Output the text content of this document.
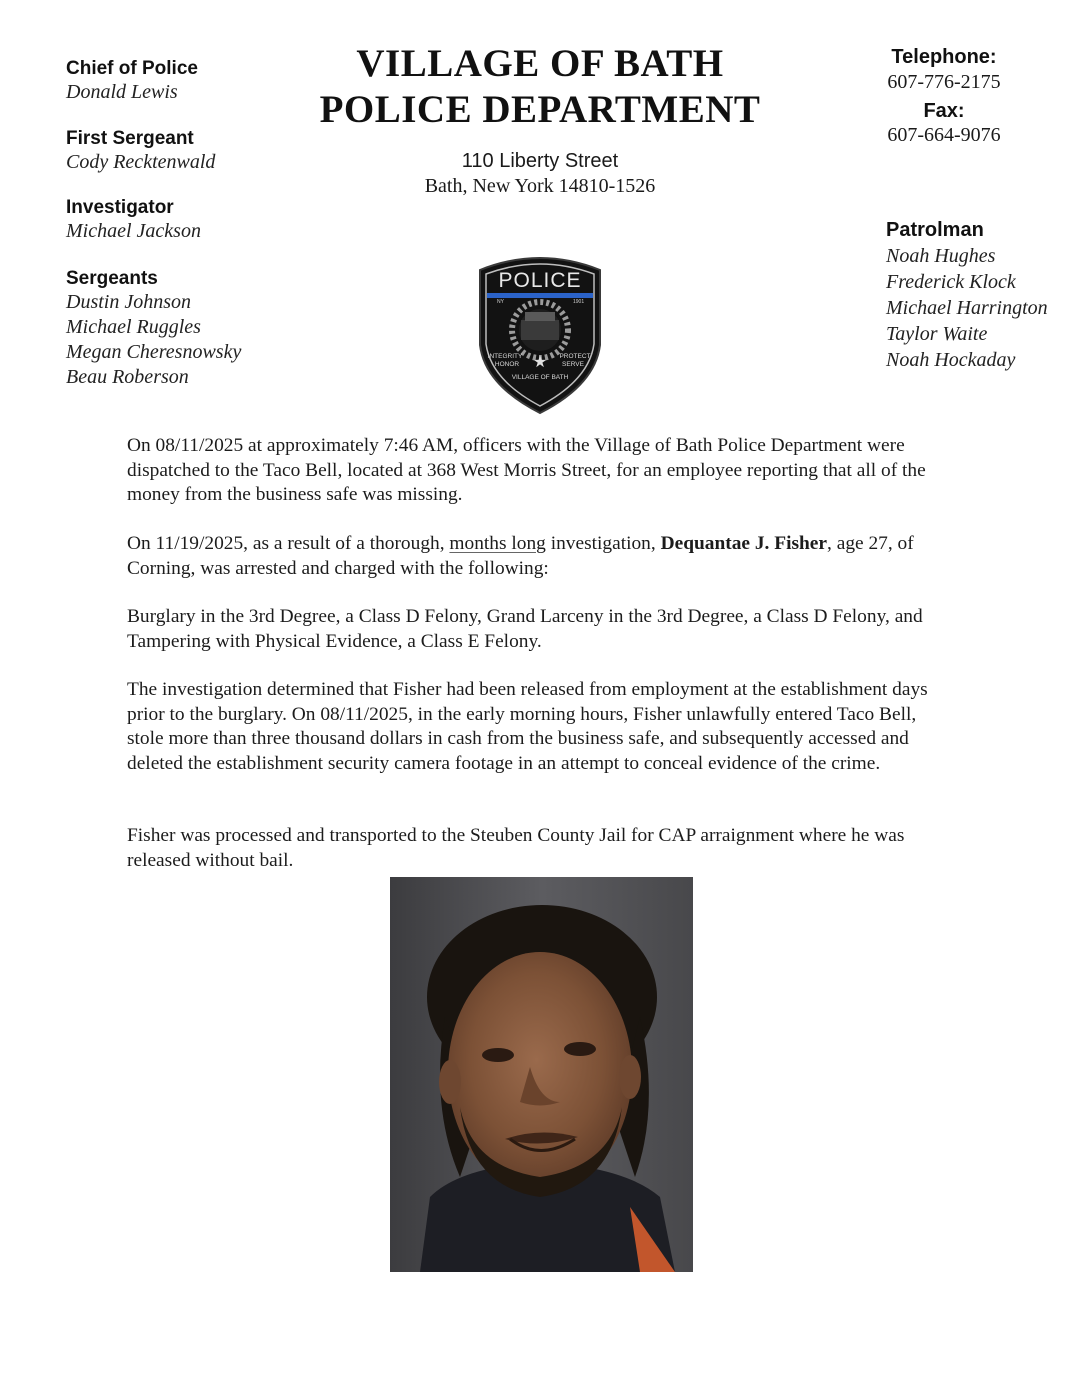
Chief of Police
Donald Lewis
First Sergeant
Cody Recktenwald
Investigator
Michael Jackson
Sergeants
Dustin Johnson
Michael Ruggles
Megan Cheresnowsky
Beau Roberson
VILLAGE OF BATH
POLICE DEPARTMENT
110 Liberty Street
Bath, New York 14810-1526
Telephone:
607-776-2175
Fax:
607-664-9076
Patrolman
Noah Hughes
Frederick Klock
Michael Harrington
Taylor Waite
Noah Hockaday
POLICE
NY	1901
INTEGRITY
HONOR
PROTECT
SERVE
★
VILLAGE OF BATH
On 08/11/2025 at approximately 7:46 AM, officers with the Village of Bath Police Department were dispatched to the Taco Bell, located at 368 West Morris Street, for an employee reporting that all of the money from the business safe was missing.
On 11/19/2025, as a result of a thorough, months long investigation, Dequantae J. Fisher, age 27, of Corning, was arrested and charged with the following:
Burglary in the 3rd Degree, a Class D Felony, Grand Larceny in the 3rd Degree, a Class D Felony, and Tampering with Physical Evidence, a Class E Felony.
The investigation determined that Fisher had been released from employment at the establishment days prior to the burglary. On 08/11/2025, in the early morning hours, Fisher unlawfully entered Taco Bell, stole more than three thousand dollars in cash from the business safe, and subsequently accessed and deleted the establishment security camera footage in an attempt to conceal evidence of the crime.
Fisher was processed and transported to the Steuben County Jail for CAP arraignment where he was released without bail.
